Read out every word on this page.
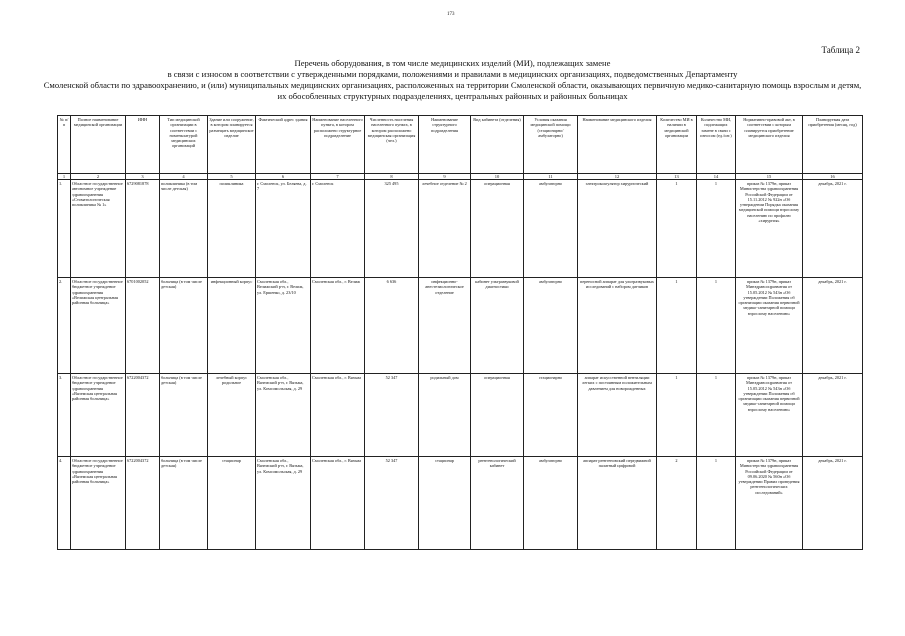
173
Таблица 2
Перечень оборудования, в том числе медицинских изделий (МИ), подлежащих замене
в связи с износом в соответствии с утвержденными порядками, положениями и правилами в медицинских организациях, подведомственных Департаменту
Смоленской области по здравоохранению, и (или) муниципальных медицинских организациях, расположенных на территории Смоленской области, оказывающих первичную медико-санитарную помощь взрослым и детям,
их обособленных структурных подразделениях, центральных районных и районных больницах
№ п/п	Полное наименование медицинской организации	ИНН	Тип медицинской организации в соответствии с номенклатурой медицинских организаций	Здание или сооружение, в котором планируется размещать медицинское изделие	Фактический адрес здания	Наименование населенного пункта, в котором расположено структурное подразделение	Численность населения населенного пункта, в котором расположено медицинская организация (чел.)	Наименование структурного подразделения	Вид кабинета (отделения)	Условия оказания медицинской помощи (стационарно/ амбулаторно)	Наименование медицинского изделия	Количество МИ в наличии в медицинской организации	Количество МИ, подлежащих замене в связи с износом (ед./шт.)	Нормативно-правовой акт, в соответствии с которым планируется приобретение медицинского изделия	Планируемая дата приобретения (месяц, год)
1	2	3	4	5	6	7	8	9	10	11	12	13	14	15	16
1.	Областное государственное автономное учреждение здравоохранения «Стоматологическая поликлиника № 1»	6729081878	поликлиника (в том числе детская)	поликлиника	г. Смоленск, ул. Беляева, д. 7	г. Смоленск	325 495	лечебное отделение № 2	операционная	амбулаторно	электрокоагулятор хирургический	1	1	приказ № 1379н, приказ Министерства здравоохранения Российской Федерации от 15.11.2012 № 922н «Об утверждении Порядка оказания медицинской помощи взрослому населению по профилю «хирургия»	декабрь, 2021 г.
2.	Областное государственное бюджетное учреждение здравоохранения «Велижская центральная районная больница»	6701002052	больница (в том числе детская)	инфекционный корпус	Смоленская обл., Велижский р-н, г. Велиж, ул. Ершенко, д. 23/10	Смоленская обл., г. Велиж	6 636	инфекционно-анестезиологическое отделение	кабинет ультразвуковой диагностики	амбулаторно	переносной аппарат для ультразвуковых исследований с набором датчиков	1	1	приказ № 1379н, приказ Минздравсоцразвития от 15.05.2012 № 543н «Об утверждении Положения об организации оказания первичной медико-санитарной помощи взрослому населению»	декабрь, 2021 г.
3.	Областное государственное бюджетное учреждение здравоохранения «Вяземская центральная районная больница»	6722004372	больница (в том числе детская)	лечебный корпус родильное	Смоленская обл., Вяземский р-н, г. Вязьма, ул. Комсомольская, д. 29	Смоленская обл., г. Вязьма	52 347	родильный дом	операционная	стационарно	аппарат искусственной вентиляции легких с постоянным положительным давлением для новорожденных	1	1	приказ № 1379н, приказ Минздравсоцразвития от 15.05.2012 № 543н «Об утверждении Положения об организации оказания первичной медико-санитарной помощи взрослому населению»	декабрь, 2021 г.
4.	Областное государственное бюджетное учреждение здравоохранения «Вяземская центральная районная больница»	6722004372	больница (в том числе детская)	стационар	Смоленская обл., Вяземский р-н, г. Вязьма, ул. Комсомольская, д. 29	Смоленская обл., г. Вязьма	52 347	стационар	рентгенологический кабинет	амбулаторно	аппарат рентгеновский передвижной палатный цифровой	2	1	приказ № 1379н, приказ Министерства здравоохранения Российской Федерации от 09.06.2020 № 560н «Об утверждении Правил проведения рентгенологических исследований»	декабрь, 2021 г.
